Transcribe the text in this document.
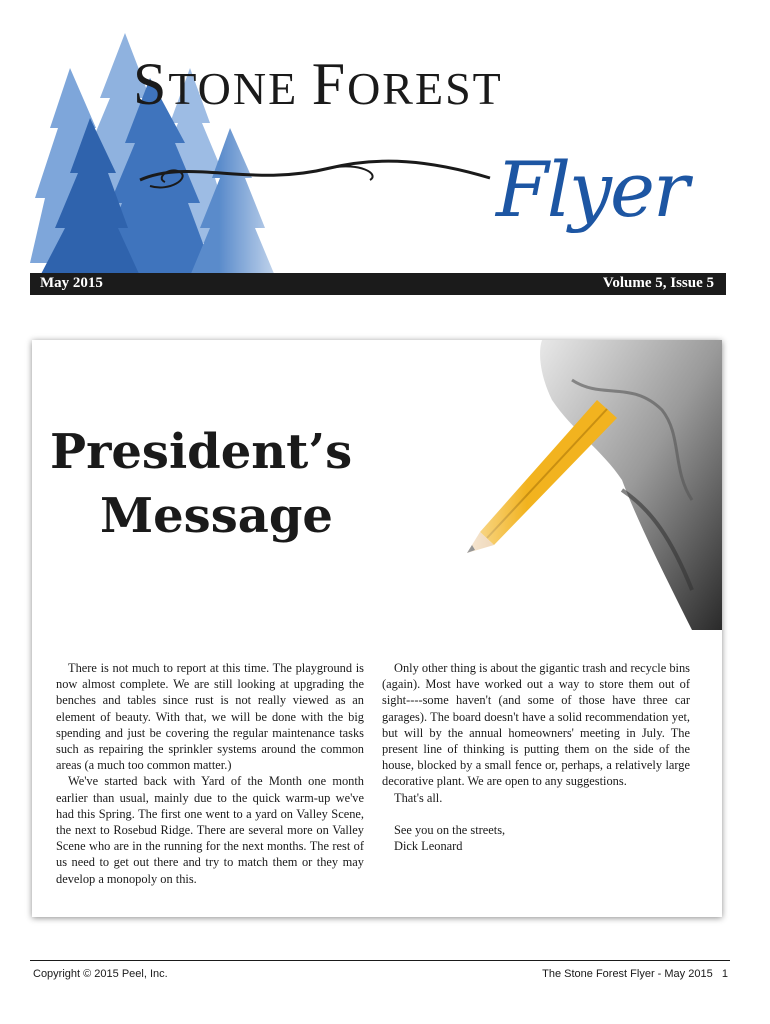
STONE FOREST
Flyer
May 2015	Volume 5, Issue 5
President’s
Message

There is not much to report at this time. The playground is now almost complete. We are still looking at upgrading the benches and tables since rust is not really viewed as an element of beauty. With that, we will be done with the big spending and just be covering the regular maintenance tasks such as repairing the sprinkler systems around the common areas (a much too common matter.)

We've started back with Yard of the Month one month earlier than usual, mainly due to the quick warm-up we've had this Spring. The first one went to a yard on Valley Scene, the next to Rosebud Ridge. There are several more on Valley Scene who are in the running for the next months. The rest of us need to get out there and try to match them or they may develop a monopoly on this.

Only other thing is about the gigantic trash and recycle bins (again). Most have worked out a way to store them out of sight----some haven't (and some of those have three car garages). The board doesn't have a solid recommendation yet, but will by the annual homeowners' meeting in July. The present line of thinking is putting them on the side of the house, blocked by a small fence or, perhaps, a relatively large decorative plant. We are open to any suggestions.

That's all.

See you on the streets,
Dick Leonard
Copyright © 2015 Peel, Inc.	The Stone Forest Flyer - May 2015 1
